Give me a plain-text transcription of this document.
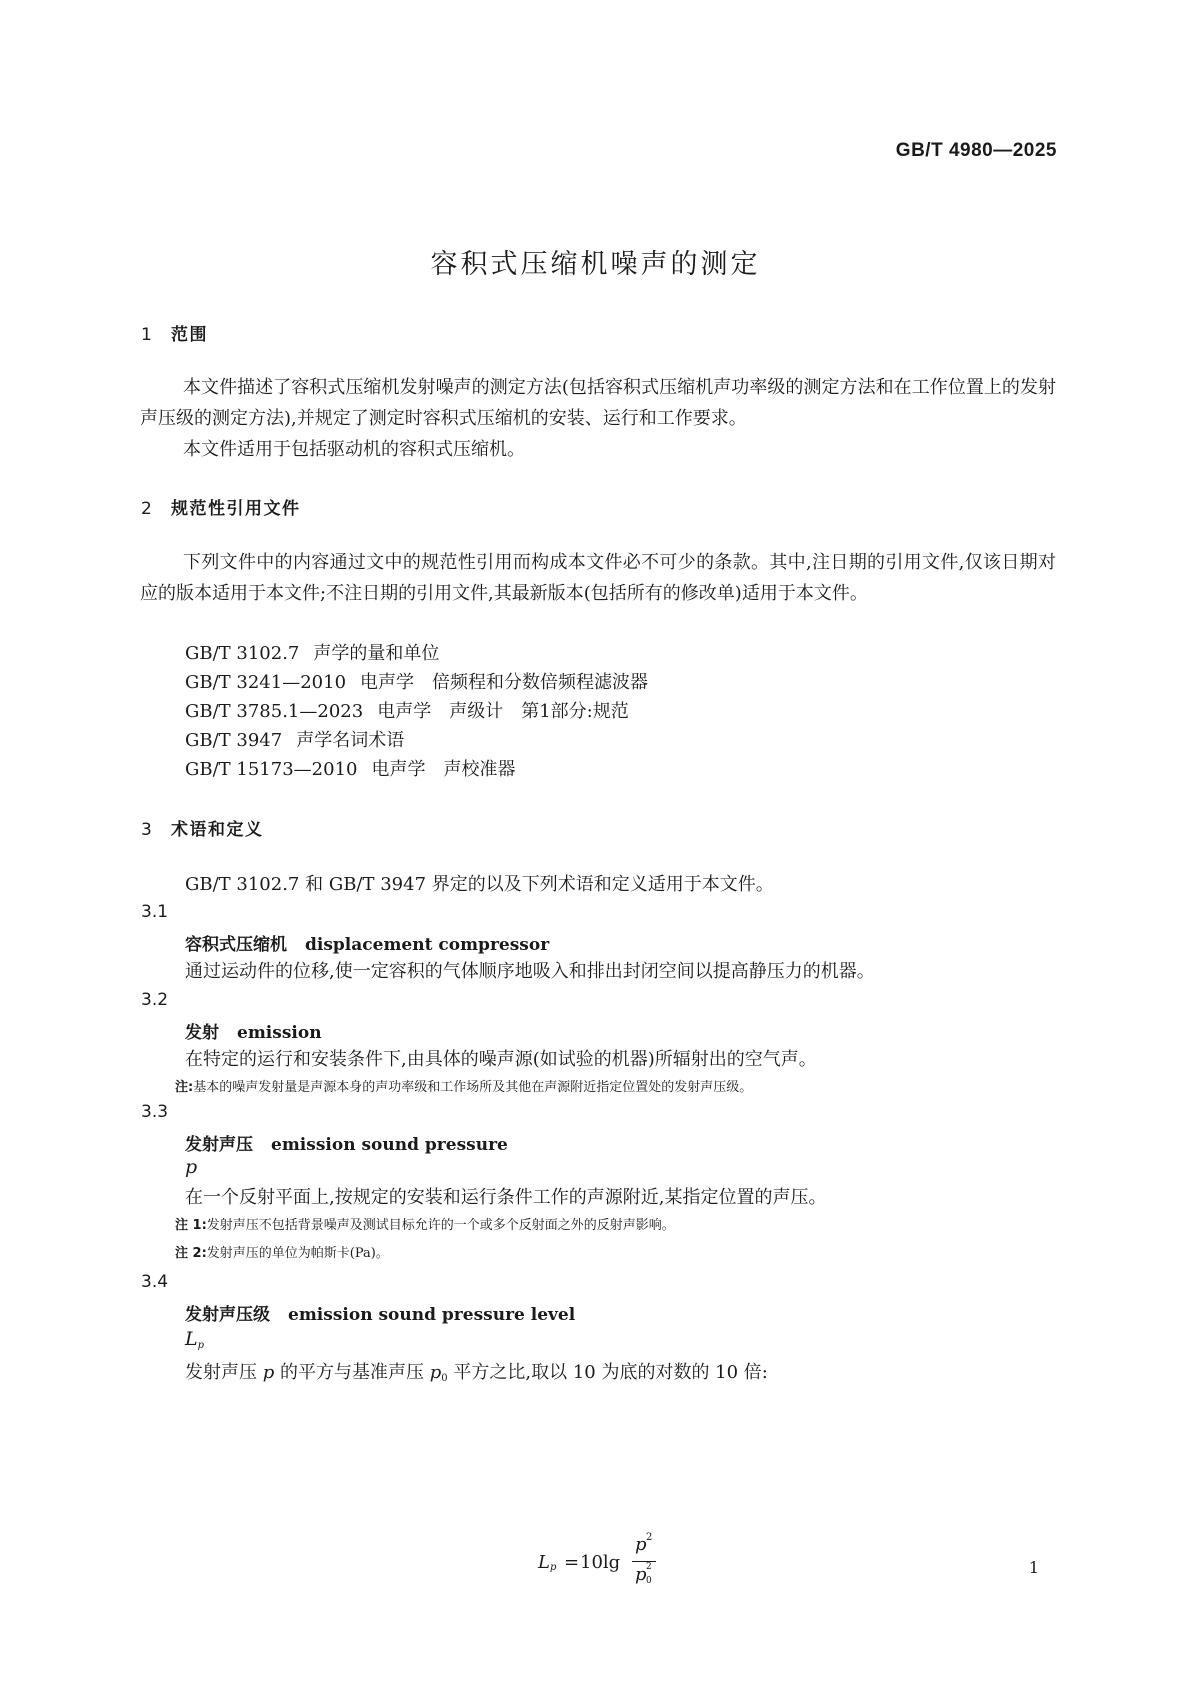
GB/T 4980—2025
容积式压缩机噪声的测定
1 范围
本文件描述了容积式压缩机发射噪声的测定方法(包括容积式压缩机声功率级的测定方法和在工作位置上的发射声压级的测定方法),并规定了测定时容积式压缩机的安装、运行和工作要求。
本文件适用于包括驱动机的容积式压缩机。
2 规范性引用文件
下列文件中的内容通过文中的规范性引用而构成本文件必不可少的条款。其中,注日期的引用文件,仅该日期对应的版本适用于本文件;不注日期的引用文件,其最新版本(包括所有的修改单)适用于本文件。
GB/T 3102.7 声学的量和单位
GB/T 3241—2010 电声学　倍频程和分数倍频程滤波器
GB/T 3785.1—2023 电声学　声级计　第1部分:规范
GB/T 3947 声学名词术语
GB/T 15173—2010 电声学　声校准器
3 术语和定义
GB/T 3102.7 和 GB/T 3947 界定的以及下列术语和定义适用于本文件。
3.1
容积式压缩机 displacement compressor
通过运动件的位移,使一定容积的气体顺序地吸入和排出封闭空间以提高静压力的机器。
3.2
发射 emission
在特定的运行和安装条件下,由具体的噪声源(如试验的机器)所辐射出的空气声。
注:基本的噪声发射量是声源本身的声功率级和工作场所及其他在声源附近指定位置处的发射声压级。
3.3
发射声压 emission sound pressure
p
在一个反射平面上,按规定的安装和运行条件工作的声源附近,某指定位置的声压。
注 1:发射声压不包括背景噪声及测试目标允许的一个或多个反射面之外的反射声影响。
注 2:发射声压的单位为帕斯卡(Pa)。
3.4
发射声压级 emission sound pressure level
$L_p$
发射声压 p 的平方与基准声压 $p_0$ 平方之比,取以 10 为底的对数的 10 倍:
L p = 10lg
p 2
p 2
0
1
